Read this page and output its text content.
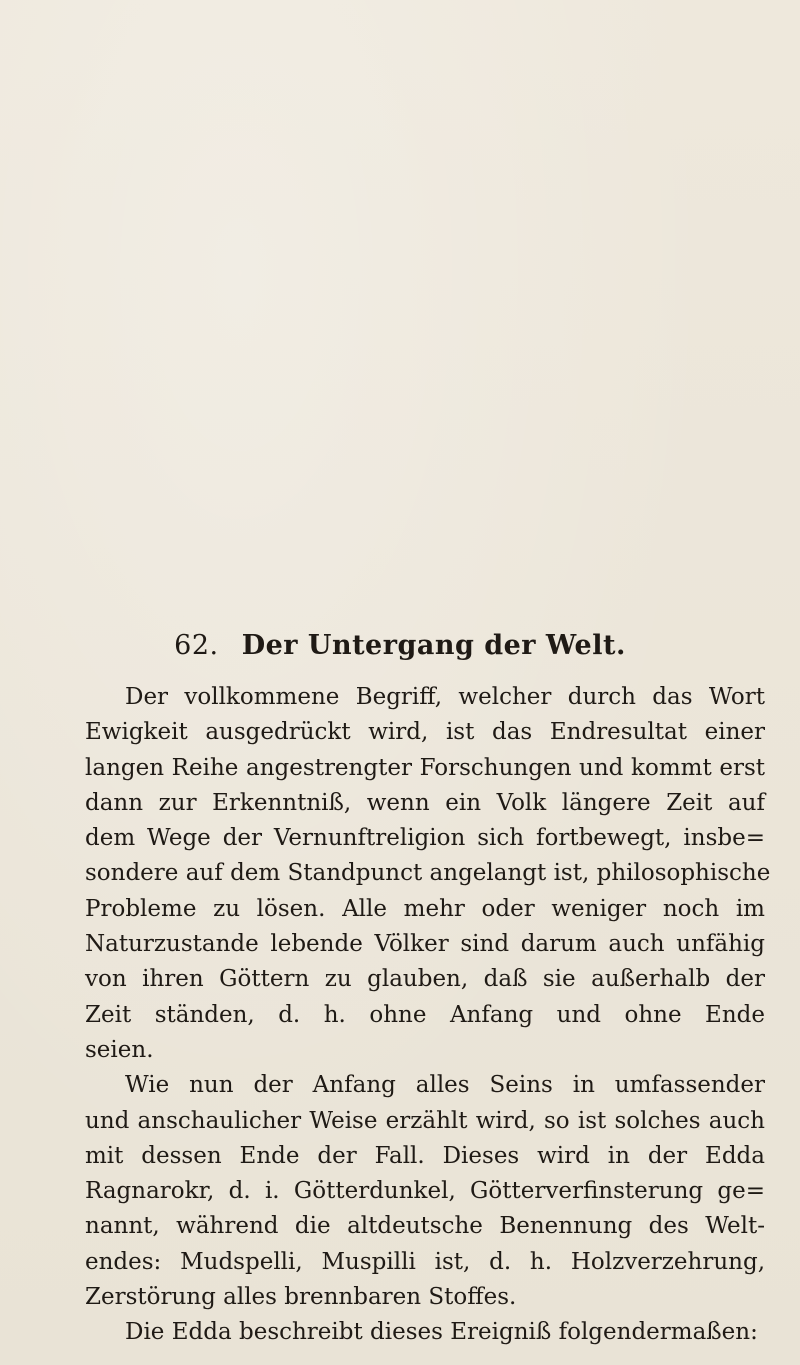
62. Der Untergang der Welt.
Der vollkommene Begriff, welcher durch das Wort
Ewigkeit ausgedrückt wird, ist das Endresultat einer
langen Reihe angestrengter Forschungen und kommt erst
dann zur Erkenntniß, wenn ein Volk längere Zeit auf
dem Wege der Vernunftreligion sich fortbewegt, insbe=
sondere auf dem Standpunct angelangt ist, philosophische
Probleme zu lösen. Alle mehr oder weniger noch im
Naturzustande lebende Völker sind darum auch unfähig
von ihren Göttern zu glauben, daß sie außerhalb der
Zeit ständen, d. h. ohne Anfang und ohne Ende
seien.
Wie nun der Anfang alles Seins in umfassender
und anschaulicher Weise erzählt wird, so ist solches auch
mit dessen Ende der Fall. Dieses wird in der Edda
Ragnarokr, d. i. Götterdunkel, Götterverfinsterung ge=
nannt, während die altdeutsche Benennung des Welt-
endes: Mudspelli, Muspilli ist, d. h. Holzverzehrung,
Zerstörung alles brennbaren Stoffes.
Die Edda beschreibt dieses Ereigniß folgendermaßen:
